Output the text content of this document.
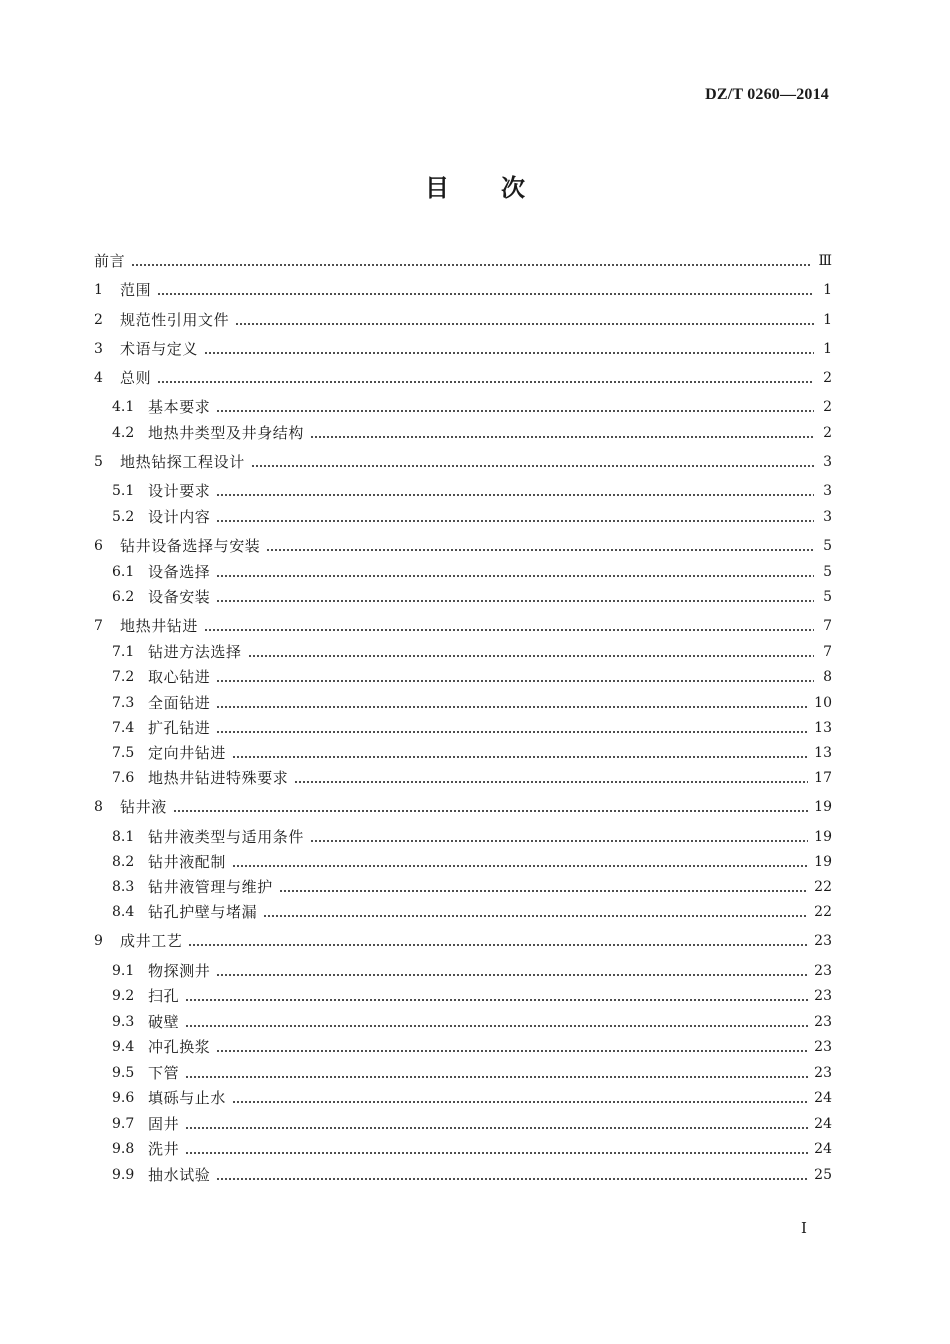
DZ/T 0260—2014
目 次
前言	Ⅲ
1	范围	1
2	规范性引用文件	1
3	术语与定义	1
4	总则	2
4.1 基本要求	2
4.2 地热井类型及井身结构	2
5	地热钻探工程设计	3
5.1 设计要求	3
5.2 设计内容	3
6	钻井设备选择与安装	5
6.1 设备选择	5
6.2 设备安装	5
7	地热井钻进	7
7.1 钻进方法选择	7
7.2 取心钻进	8
7.3 全面钻进	10
7.4 扩孔钻进	13
7.5 定向井钻进	13
7.6 地热井钻进特殊要求	17
8	钻井液	19
8.1 钻井液类型与适用条件	19
8.2 钻井液配制	19
8.3 钻井液管理与维护	22
8.4 钻孔护壁与堵漏	22
9	成井工艺	23
9.1 物探测井	23
9.2 扫孔	23
9.3 破壁	23
9.4 冲孔换浆	23
9.5 下管	23
9.6 填砾与止水	24
9.7 固井	24
9.8 洗井	24
9.9 抽水试验	25
I
